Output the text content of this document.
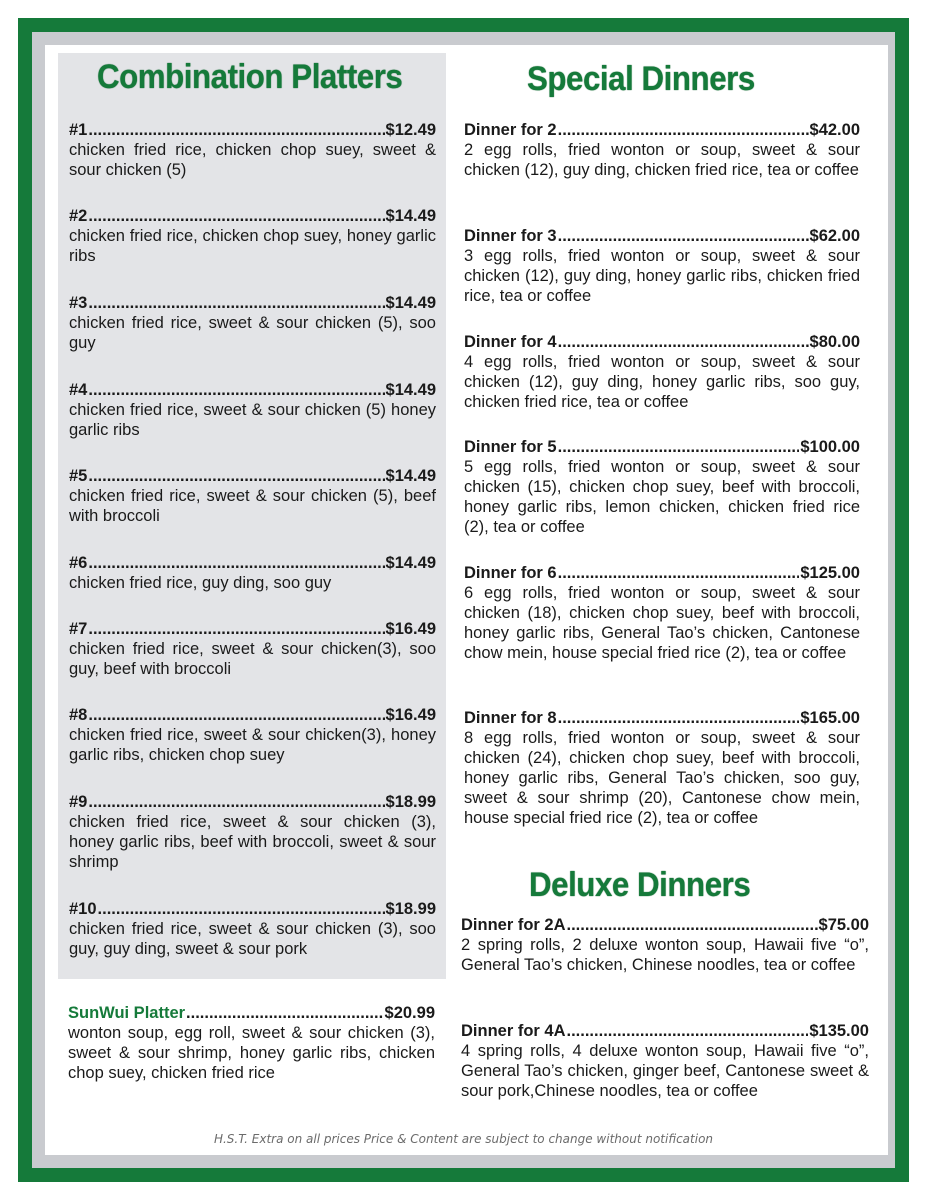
Combination Platters	Special Dinners
Deluxe Dinners
#1 .....	$12.49

chicken fried rice, chicken chop suey, sweet & sour chicken (5)

#2 .....	$14.49

chicken fried rice, chicken chop suey, honey garlic ribs

#3 .....	$14.49

chicken fried rice, sweet & sour chicken (5), soo guy

#4 .....	$14.49

chicken fried rice, sweet & sour chicken (5) honey garlic ribs

#5 .....	$14.49

chicken fried rice, sweet & sour chicken (5), beef with broccoli

#6 .....	$14.49

chicken fried rice, guy ding, soo guy

#7 .....	$16.49

chicken fried rice, sweet & sour chicken(3), soo guy, beef with broccoli

#8 .....	$16.49

chicken fried rice, sweet & sour chicken(3), honey garlic ribs, chicken chop suey

#9 .....	$18.99

chicken fried rice, sweet & sour chicken (3), honey garlic ribs, beef with broccoli, sweet & sour shrimp

#10 .....	$18.99

chicken fried rice, sweet & sour chicken (3), soo guy, guy ding, sweet & sour pork

SunWui Platter .....	$20.99

wonton soup, egg roll, sweet & sour chicken (3), sweet & sour shrimp, honey garlic ribs, chicken chop suey, chicken fried rice

Dinner for 2 .....	$42.00

2 egg rolls, fried wonton or soup, sweet & sour chicken (12), guy ding, chicken fried rice, tea or coffee

Dinner for 3 .....	$62.00

3 egg rolls, fried wonton or soup, sweet & sour chicken (12), guy ding, honey garlic ribs, chicken fried rice, tea or coffee

Dinner for 4 .....	$80.00

4 egg rolls, fried wonton or soup, sweet & sour chicken (12), guy ding, honey garlic ribs, soo guy, chicken fried rice, tea or coffee

Dinner for 5 .....	$100.00

5 egg rolls, fried wonton or soup, sweet & sour chicken (15), chicken chop suey, beef with broccoli, honey garlic ribs, lemon chicken, chicken fried rice (2), tea or coffee

Dinner for 6 .....	$125.00

6 egg rolls, fried wonton or soup, sweet & sour chicken (18), chicken chop suey, beef with broccoli, honey garlic ribs, General Tao’s chicken, Cantonese chow mein, house special fried rice (2), tea or coffee

Dinner for 8 .....	$165.00

8 egg rolls, fried wonton or soup, sweet & sour chicken (24), chicken chop suey, beef with broccoli, honey garlic ribs, General Tao’s chicken, soo guy, sweet & sour shrimp (20), Cantonese chow mein, house special fried rice (2), tea or coffee

Dinner for 2A .....	$75.00

2 spring rolls, 2 deluxe wonton soup, Hawaii five “o”, General Tao’s chicken, Chinese noodles, tea or coffee

Dinner for 4A .....	$135.00

4 spring rolls, 4 deluxe wonton soup, Hawaii five “o”, General Tao’s chicken, ginger beef, Cantonese sweet & sour pork,Chinese noodles, tea or coffee

H.S.T. Extra on all prices Price & Content are subject to change without notification
